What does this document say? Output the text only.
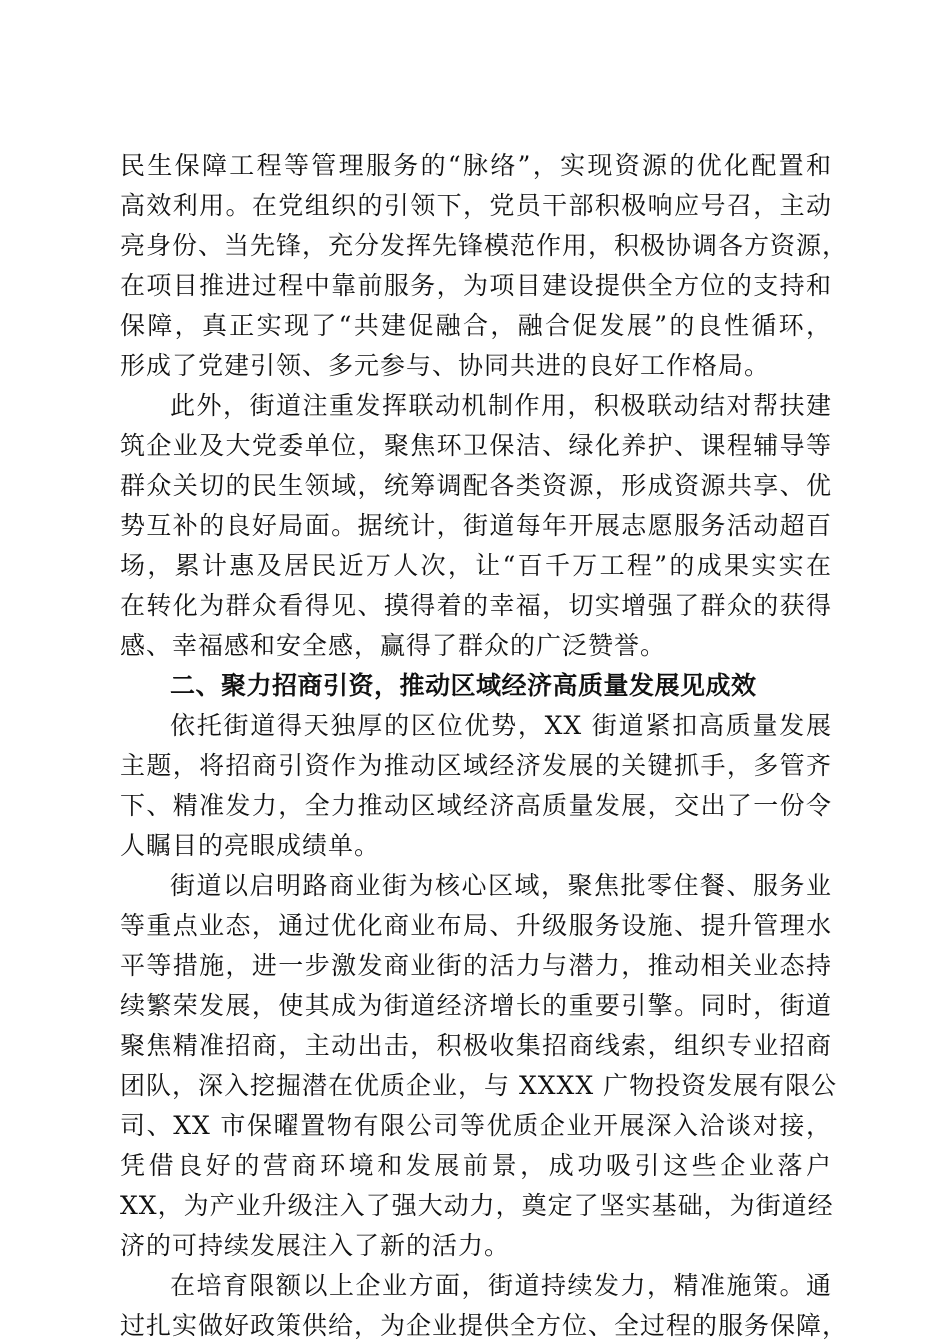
民生保障工程等管理服务的“脉络”，实现资源的优化配置和
高效利用。在党组织的引领下，党员干部积极响应号召，主动
亮身份、当先锋，充分发挥先锋模范作用，积极协调各方资源，
在项目推进过程中靠前服务，为项目建设提供全方位的支持和
保障，真正实现了“共建促融合，融合促发展”的良性循环，
形成了党建引领、多元参与、协同共进的良好工作格局。
此外，街道注重发挥联动机制作用，积极联动结对帮扶建
筑企业及大党委单位，聚焦环卫保洁、绿化养护、课程辅导等
群众关切的民生领域，统筹调配各类资源，形成资源共享、优
势互补的良好局面。据统计，街道每年开展志愿服务活动超百
场，累计惠及居民近万人次，让“百千万工程”的成果实实在
在转化为群众看得见、摸得着的幸福，切实增强了群众的获得
感、幸福感和安全感，赢得了群众的广泛赞誉。
二、聚力招商引资，推动区域经济高质量发展见成效
依托街道得天独厚的区位优势，XX 街道紧扣高质量发展
主题，将招商引资作为推动区域经济发展的关键抓手，多管齐
下、精准发力，全力推动区域经济高质量发展，交出了一份令
人瞩目的亮眼成绩单。
街道以启明路商业街为核心区域，聚焦批零住餐、服务业
等重点业态，通过优化商业布局、升级服务设施、提升管理水
平等措施，进一步激发商业街的活力与潜力，推动相关业态持
续繁荣发展，使其成为街道经济增长的重要引擎。同时，街道
聚焦精准招商，主动出击，积极收集招商线索，组织专业招商
团队，深入挖掘潜在优质企业，与 XXXX 广物投资发展有限公
司、XX 市保曜置物有限公司等优质企业开展深入洽谈对接，
凭借良好的营商环境和发展前景，成功吸引这些企业落户
XX，为产业升级注入了强大动力，奠定了坚实基础，为街道经
济的可持续发展注入了新的活力。
在培育限额以上企业方面，街道持续发力，精准施策。通
过扎实做好政策供给，为企业提供全方位、全过程的服务保障，
